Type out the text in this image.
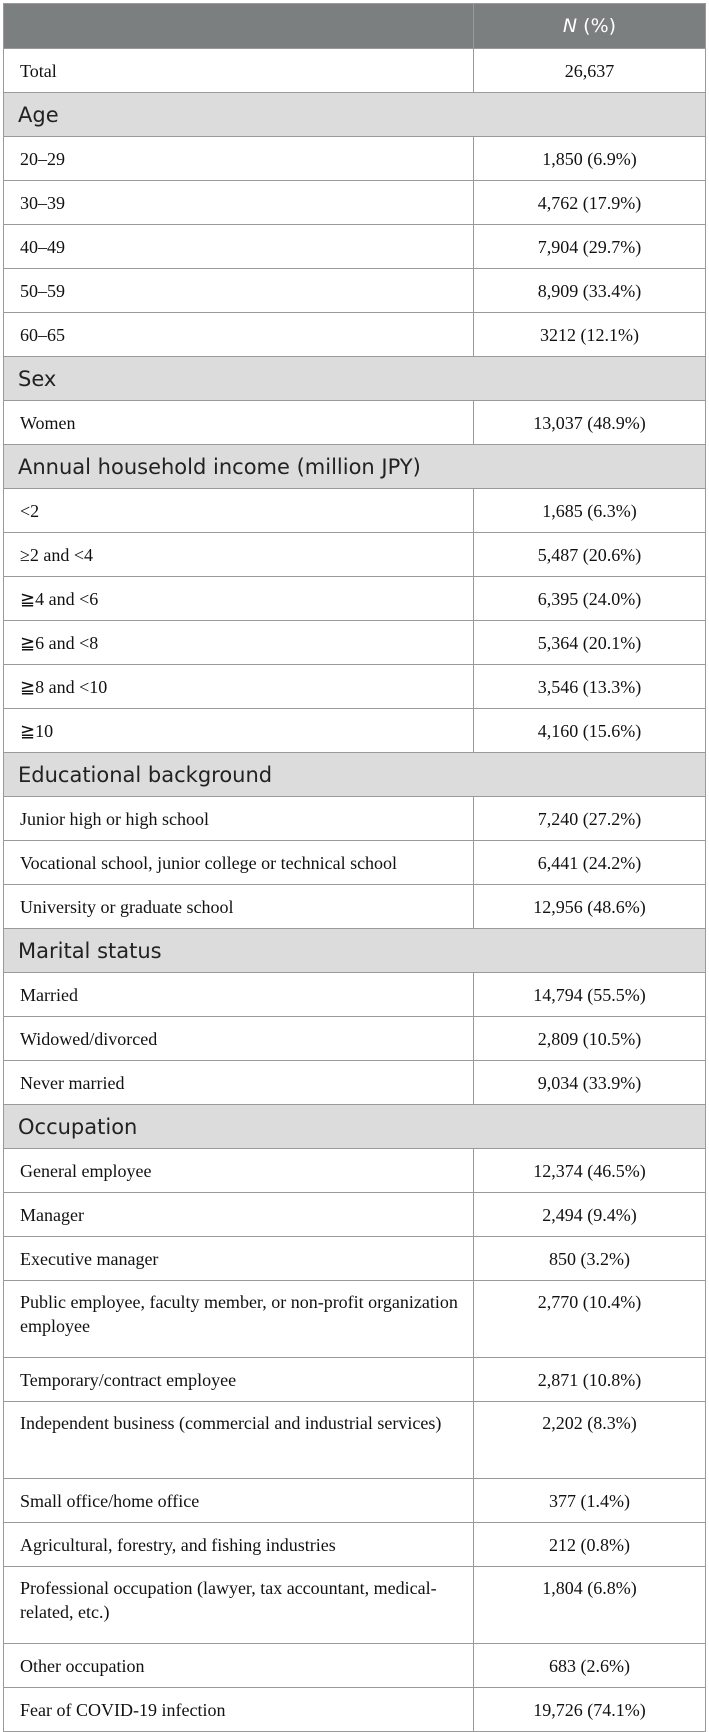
	N (%)
Total	26,637
Age	
20–29	1,850 (6.9%)
30–39	4,762 (17.9%)
40–49	7,904 (29.7%)
50–59	8,909 (33.4%)
60–65	3212 (12.1%)
Sex	
Women	13,037 (48.9%)
Annual household income (million JPY)	
<2	1,685 (6.3%)
≥2 and <4	5,487 (20.6%)
≧4 and <6	6,395 (24.0%)
≧6 and <8	5,364 (20.1%)
≧8 and <10	3,546 (13.3%)
≧10	4,160 (15.6%)
Educational background	
Junior high or high school	7,240 (27.2%)
Vocational school, junior college or technical school	6,441 (24.2%)
University or graduate school	12,956 (48.6%)
Marital status	
Married	14,794 (55.5%)
Widowed/divorced	2,809 (10.5%)
Never married	9,034 (33.9%)
Occupation	
General employee	12,374 (46.5%)
Manager	2,494 (9.4%)
Executive manager	850 (3.2%)
Public employee, faculty member, or non-profit organization employee	2,770 (10.4%)
Temporary/contract employee	2,871 (10.8%)
Independent business (commercial and industrial services)	2,202 (8.3%)
Small office/home office	377 (1.4%)
Agricultural, forestry, and fishing industries	212 (0.8%)
Professional occupation (lawyer, tax accountant, medical-related, etc.)	1,804 (6.8%)
Other occupation	683 (2.6%)
Fear of COVID-19 infection	19,726 (74.1%)
